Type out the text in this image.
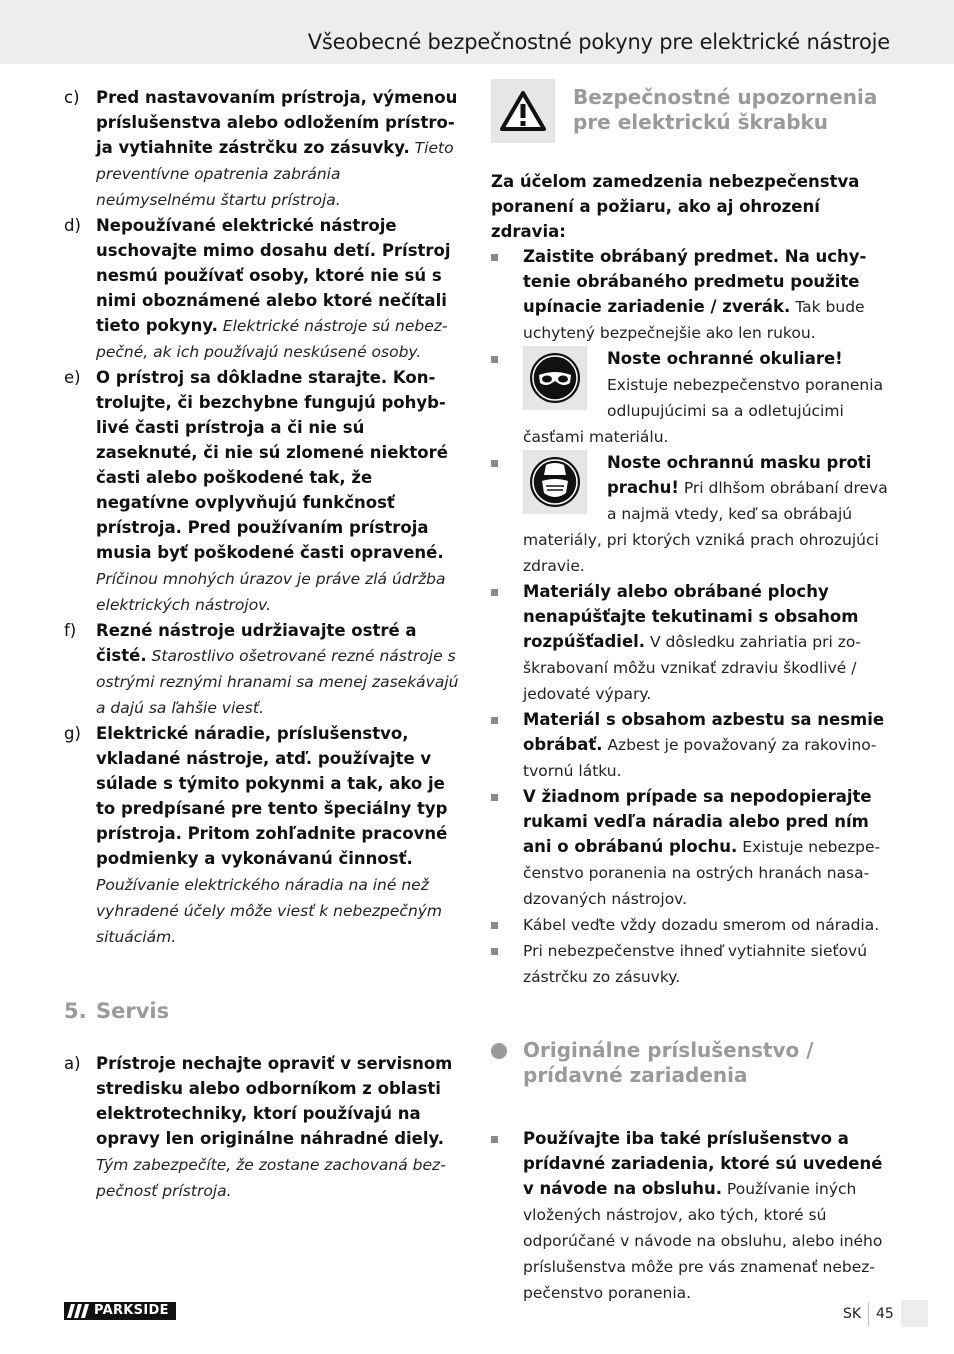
Všeobecné bezpečnostné pokyny pre elektrické nástroje
c) Pred nastavovaním prístroja, výmenou príslušenstva alebo odložením prístroja vytiahnite zástrčku zo zásuvky. Tieto preventívne opatrenia zabránia neúmyselnému štartu prístroja.
d) Nepoužívané elektrické nástroje uschovajte mimo dosahu detí. Prístroj nesmú používať osoby, ktoré nie sú s nimi oboznámené alebo ktoré nečítali tieto pokyny. Elektrické nástroje sú nebezpečné, ak ich používajú neskúsené osoby.
e) O prístroj sa dôkladne starajte. Kontrolujte, či bezchybne fungujú pohyblivé časti prístroja a či nie sú zaseknuté, či nie sú zlomené niektoré časti alebo poškodené tak, že negatívne ovplyvňujú funkčnosť prístroja. Pred používaním prístroja musia byť poškodené časti opravené. Príčinou mnohých úrazov je práve zlá údržba elektrických nástrojov.
f)	Rezné nástroje udržiavajte ostré a čisté. Starostlivo ošetrované rezné nástroje s ostrými reznými hranami sa menej zasekávajú a dajú sa ľahšie viesť.
g) Elektrické náradie, príslušenstvo, vkladané nástroje, atď. používajte v súlade s týmito pokynmi a tak, ako je to predpísané pre tento špeciálny typ prístroja. Pritom zohľadnite pracovné podmienky a vykonávanú činnosť. Používanie elektrického náradia na iné než vyhradené účely môže viesť k nebezpečným situáciám.
5. Servis
a) Prístroje nechajte opraviť v servisnom stredisku alebo odborníkom z oblasti elektrotechniky, ktorí používajú na opravy len originálne náhradné diely. Tým zabezpečíte, že zostane zachovaná bezpečnosť prístroja.
Bezpečnostné upozornenia pre elektrickú škrabku
Za účelom zamedzenia nebezpečenstva poranení a požiaru, ako aj ohrození zdravia:
Zaistite obrábaný predmet. Na uchytenie obrábaného predmetu použite upínacie zariadenie / zverák. Tak bude uchytený bezpečnejšie ako len rukou.
Noste ochranné okuliare! Existuje nebezpečenstvo poranenia odlupujúcimi sa a odletujúcimi časťami materiálu.
Noste ochrannú masku proti prachu! Pri dlhšom obrábaní dreva a najmä vtedy, keď sa obrábajú materiály, pri ktorých vzniká prach ohrozujúci zdravie.
Materiály alebo obrábané plochy nenapúšťajte tekutinami s obsahom rozpúšťadiel. V dôsledku zahriatia pri zoškrabovaní môžu vznikať zdraviu škodlivé / jedovaté výpary.
Materiál s obsahom azbestu sa nesmie obrábať. Azbest je považovaný za rakovinotvornú látku.
V žiadnom prípade sa nepodopierajte rukami vedľa náradia alebo pred ním ani o obrábanú plochu. Existuje nebezpečenstvo poranenia na ostrých hranách nasadzovaných nástrojov.
Kábel veďte vždy dozadu smerom od náradia.
Pri nebezpečenstve ihneď vytiahnite sieťovú zástrčku zo zásuvky.
Originálne príslušenstvo / prídavné zariadenia
Používajte iba také príslušenstvo a prídavné zariadenia, ktoré sú uvedené v návode na obsluhu. Používanie iných vložených nástrojov, ako tých, ktoré sú odporúčané v návode na obsluhu, alebo iného príslušenstva môže pre vás znamenať nebezpečenstvo poranenia.
PARKSIDE	SK 45
